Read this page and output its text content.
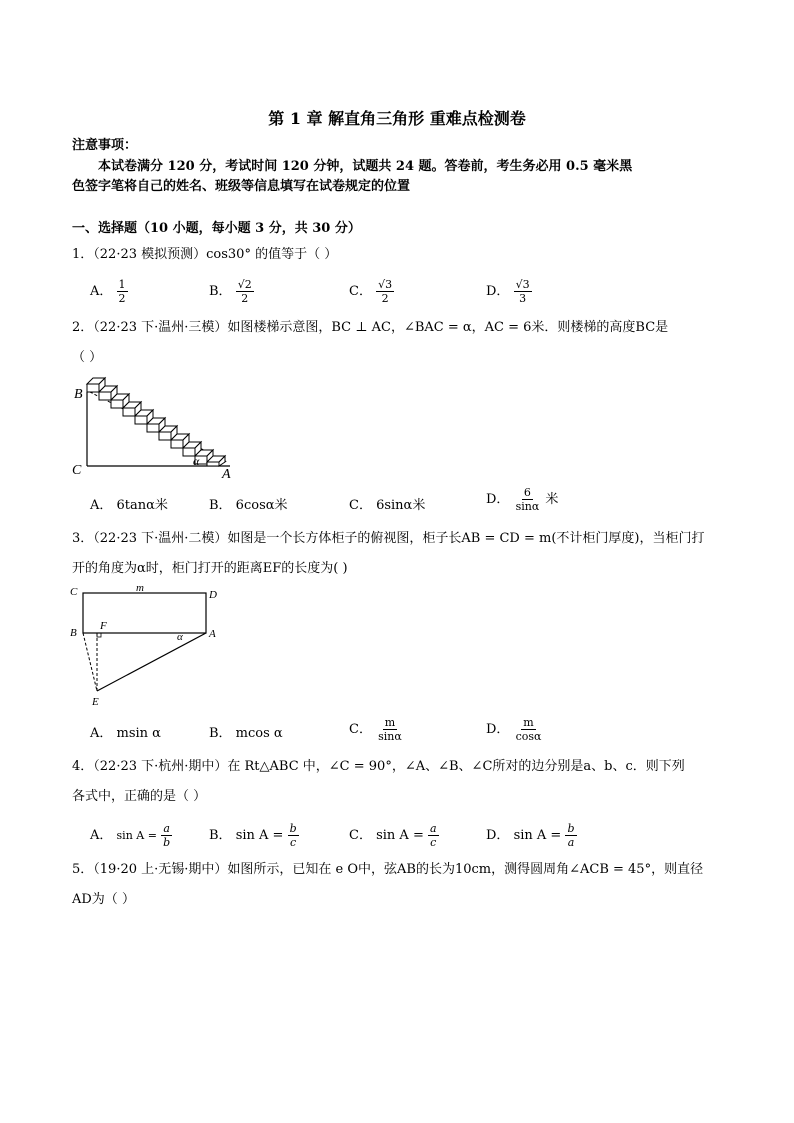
第 1 章 解直角三角形 重难点检测卷
注意事项：
本试卷满分 120 分，考试时间 120 分钟，试题共 24 题。答卷前，考生务必用 0.5 毫米黑
色签字笔将自己的姓名、班级等信息填写在试卷规定的位置
一、选择题（10 小题，每小题 3 分，共 30 分）
1．（22·23 模拟预测）cos30° 的值等于（ ）
A． $\frac{1}{2}$	B． $\frac{√2}{2}$	C． $\frac{√3}{2}$	D． $\frac{√3}{3}$
2．（22·23 下·温州·三模）如图楼梯示意图，BC ⊥ AC，∠BAC = α，AC = 6米．则楼梯的高度BC是
（ ）
B
C	A
α
A． 6tanα米	B． 6cosα米	C． 6sinα米	D． $\frac{6}{\sin\alpha}$ 米
3．（22·23 下·温州·二模）如图是一个长方体柜子的俯视图，柜子长AB = CD = m(不计柜门厚度)，当柜门打
开的角度为α时，柜门打开的距离EF的长度为( )
C	m
D
B
F
α A
E
A． msin α	B． mcos α	C． $\frac{m}{\sin\alpha}$	D． $\frac{m}{\cos\alpha}$
4．（22·23 下·杭州·期中）在 Rt△ABC 中，∠C = 90°，∠A、∠B、∠C所对的边分别是a、b、c．则下列
各式中，正确的是（ ）
A． $\sin A = \frac{a}{b}$	B． $\sin A = \frac{b}{c}$	C． $\sin A = \frac{a}{c}$	D． $\sin A = \frac{b}{a}$
5．（19·20 上·无锡·期中）如图所示，已知在 e O中，弦AB的长为10cm，测得圆周角∠ACB = 45°，则直径
AD为（ ）
